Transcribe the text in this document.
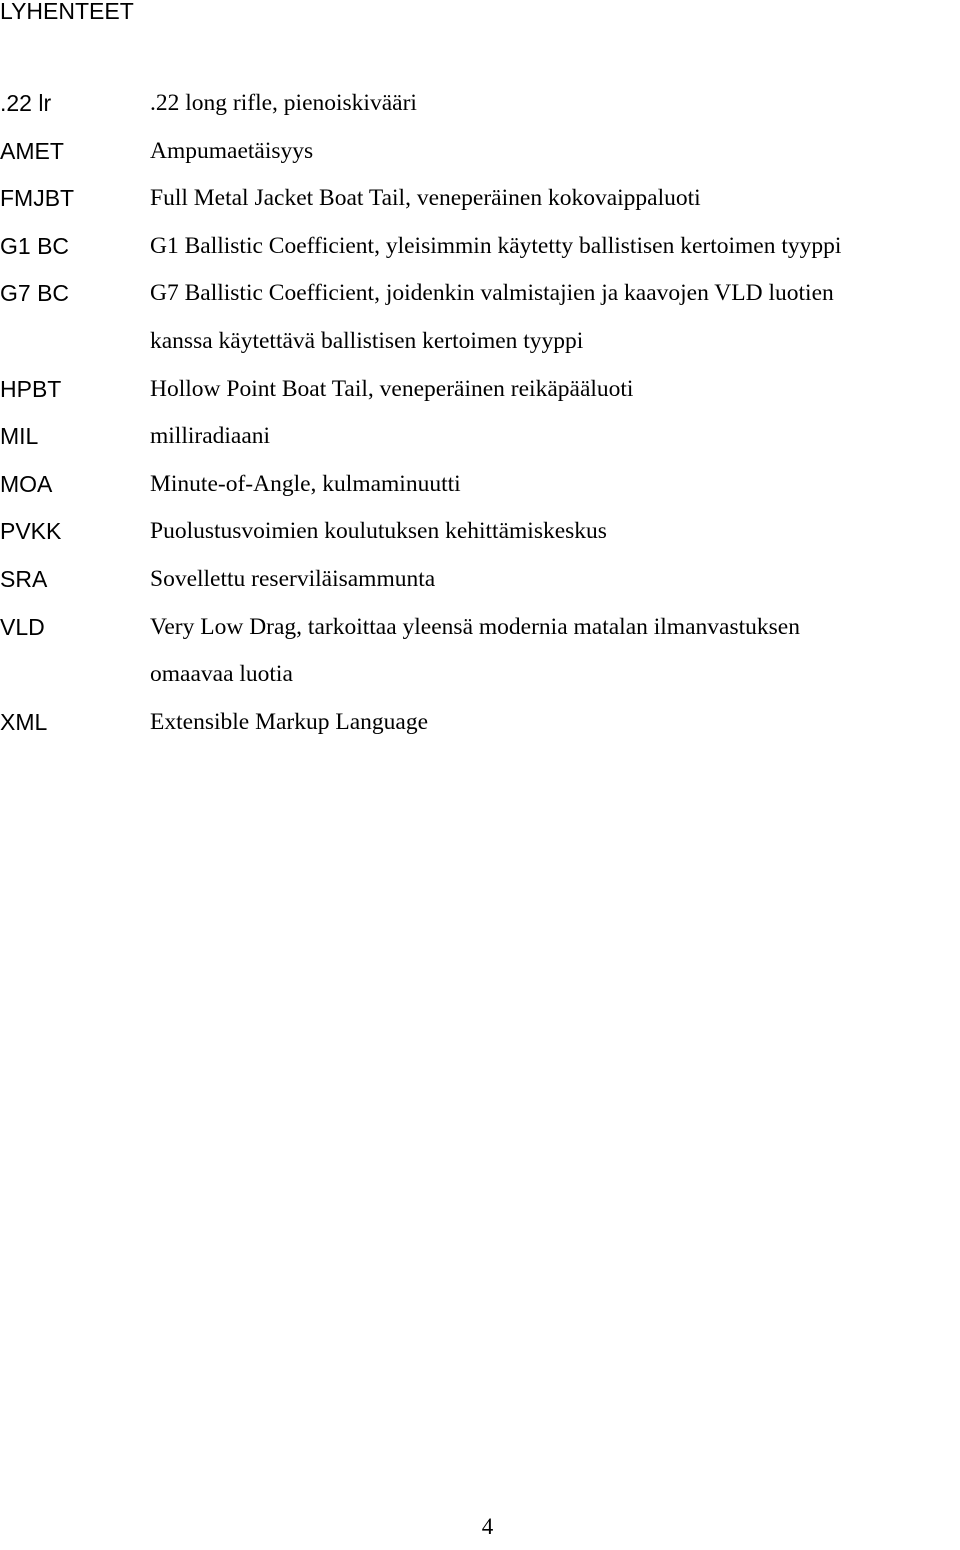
LYHENTEET
.22 lr	.22 long rifle, pienoiskivääri
AMET	Ampumaetäisyys
FMJBT	Full Metal Jacket Boat Tail, veneperäinen kokovaippaluoti
G1 BC	G1 Ballistic Coefficient, yleisimmin käytetty ballistisen kertoimen tyyppi
G7 BC	G7 Ballistic Coefficient, joidenkin valmistajien ja kaavojen VLD luotien
kanssa käytettävä ballistisen kertoimen tyyppi
HPBT	Hollow Point Boat Tail, veneperäinen reikäpääluoti
MIL	milliradiaani
MOA	Minute-of-Angle, kulmaminuutti
PVKK	Puolustusvoimien koulutuksen kehittämiskeskus
SRA	Sovellettu reserviläisammunta
VLD	Very Low Drag, tarkoittaa yleensä modernia matalan ilmanvastuksen
omaavaa luotia
XML	Extensible Markup Language
4
